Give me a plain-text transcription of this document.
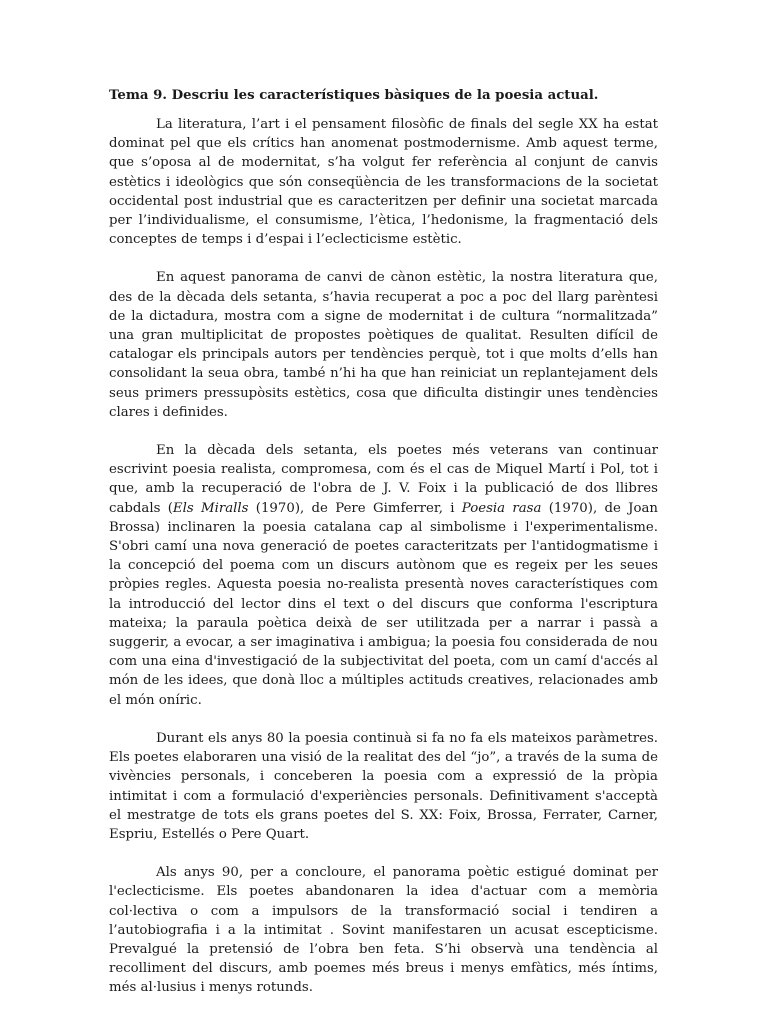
Tema 9. Descriu les característiques bàsiques de la poesia actual.

La literatura, l’art i el pensament filosòfic de finals del segle XX ha estat dominat pel que els crítics han anomenat postmodernisme. Amb aquest terme, que s’oposa al de modernitat, s’ha volgut fer referència al conjunt de canvis estètics i ideològics que són conseqüència de les transformacions de la societat occidental post industrial que es caracteritzen per definir una societat marcada per l’individualisme, el consumisme, l’ètica, l’hedonisme, la fragmentació dels conceptes de temps i d’espai i l’eclecticisme estètic.

En aquest panorama de canvi de cànon estètic, la nostra literatura que, des de la dècada dels setanta, s’havia recuperat a poc a poc del llarg parèntesi de la dictadura, mostra com a signe de modernitat i de cultura “normalitzada” una gran multiplicitat de propostes poètiques de qualitat. Resulten difícil de catalogar els principals autors per tendències perquè, tot i que molts d’ells han consolidant la seua obra, també n’hi ha que han reiniciat un replantejament dels seus primers pressupòsits estètics, cosa que dificulta distingir unes tendències clares i definides.

En la dècada dels setanta, els poetes més veterans van continuar escrivint poesia realista, compromesa, com és el cas de Miquel Martí i Pol, tot i que, amb la recuperació de l'obra de J. V. Foix i la publicació de dos llibres cabdals (Els Miralls (1970), de Pere Gimferrer, i Poesia rasa (1970), de Joan Brossa) inclinaren la poesia catalana cap al simbolisme i l'experimentalisme. S'obri camí una nova generació de poetes caracteritzats per l'antidogmatisme i la concepció del poema com un discurs autònom que es regeix per les seues pròpies regles. Aquesta poesia no-realista presentà noves característiques com la introducció del lector dins el text o del discurs que conforma l'escriptura mateixa; la paraula poètica deixà de ser utilitzada per a narrar i passà a suggerir, a evocar, a ser imaginativa i ambigua; la poesia fou considerada de nou com una eina d'investigació de la subjectivitat del poeta, com un camí d'accés al món de les idees, que donà lloc a múltiples actituds creatives, relacionades amb el món oníric.

Durant els anys 80 la poesia continuà si fa no fa els mateixos paràmetres. Els poetes elaboraren una visió de la realitat des del “jo”, a través de la suma de vivències personals, i conceberen la poesia com a expressió de la pròpia intimitat i com a formulació d'experiències personals. Definitivament s'acceptà el mestratge de tots els grans poetes del S. XX: Foix, Brossa, Ferrater, Carner, Espriu, Estellés o Pere Quart.

Als anys 90, per a concloure, el panorama poètic estigué dominat per l'eclecticisme. Els poetes abandonaren la idea d'actuar com a memòria col·lectiva o com a impulsors de la transformació social i tendiren a l’autobiografia i a la intimitat . Sovint manifestaren un acusat escepticisme. Prevalgué la pretensió de l’obra ben feta. S’hi observà una tendència al recolliment del discurs, amb poemes més breus i menys emfàtics, més íntims, més al·lusius i menys rotunds.
